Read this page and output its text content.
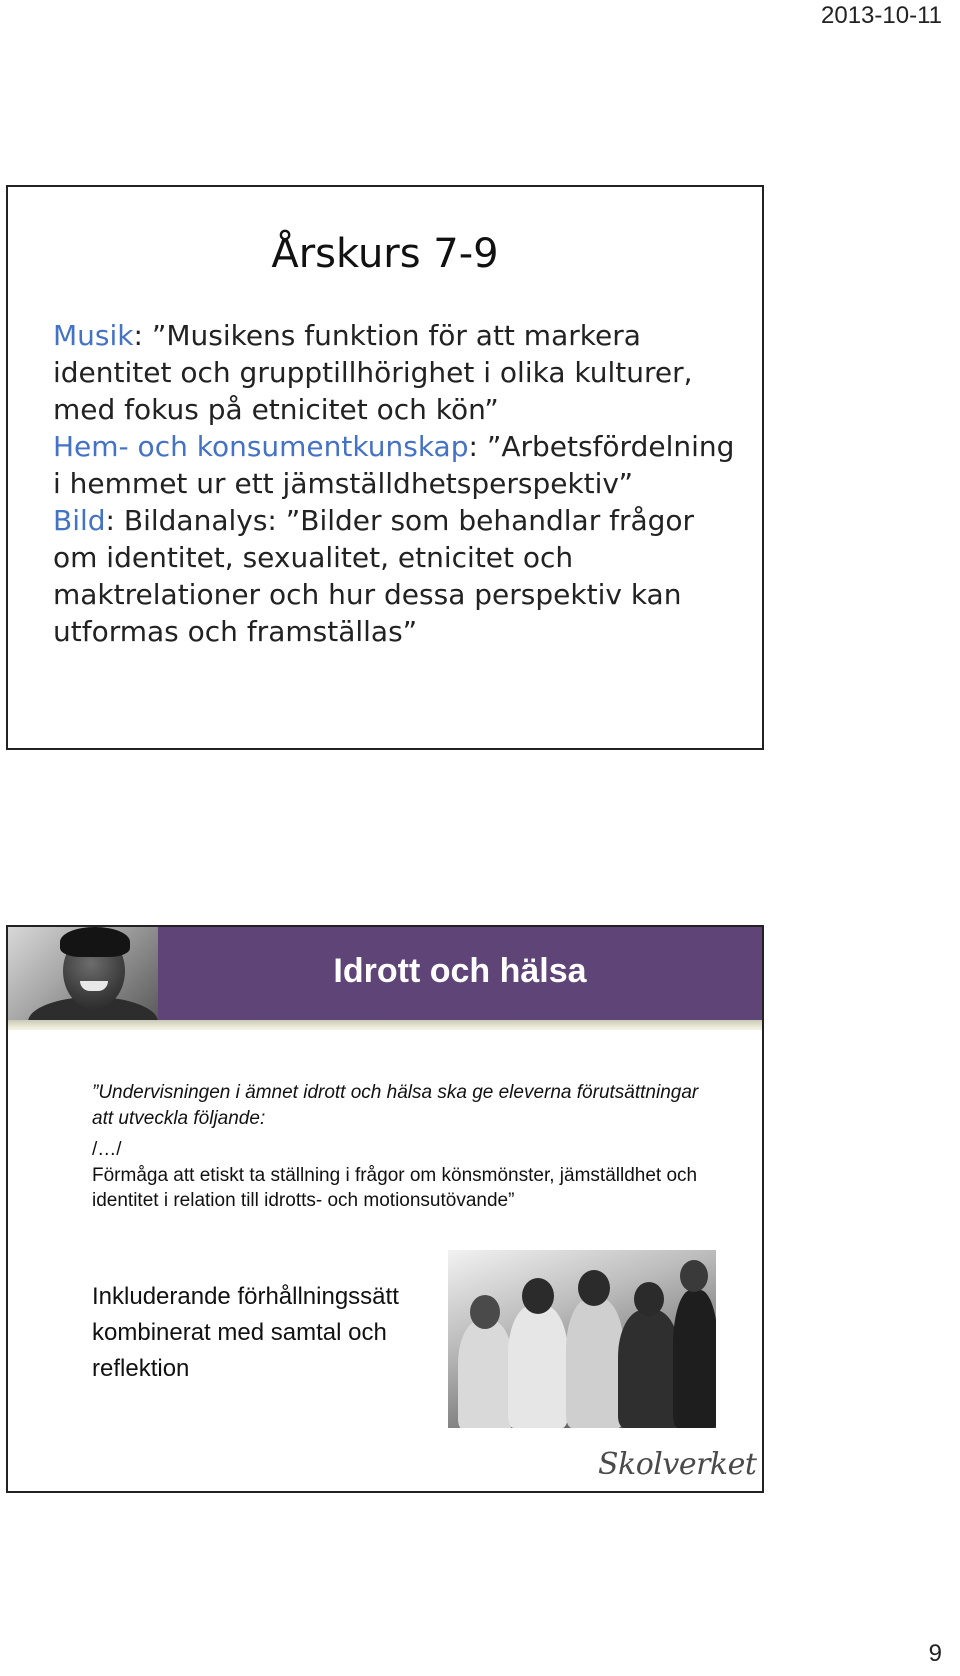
2013-10-11
Årskurs 7-9

Musik: ”Musikens funktion för att markera identitet och grupptillhörighet i olika kulturer, med fokus på etnicitet och kön”

Hem- och konsumentkunskap: ”Arbetsfördelning i hemmet ur ett jämställdhetsperspektiv”

Bild: Bildanalys: ”Bilder som behandlar frågor om identitet, sexualitet, etnicitet och maktrelationer och hur dessa perspektiv kan utformas och framställas”

Idrott och hälsa
”Undervisningen i ämnet idrott och hälsa ska ge eleverna förutsättningar att utveckla följande:
/…/
Förmåga att etiskt ta ställning i frågor om könsmönster, jämställdhet och identitet i relation till idrotts- och motionsutövande”
Inkluderande förhållningssätt kombinerat med samtal och reflektion
Skolverket
9
